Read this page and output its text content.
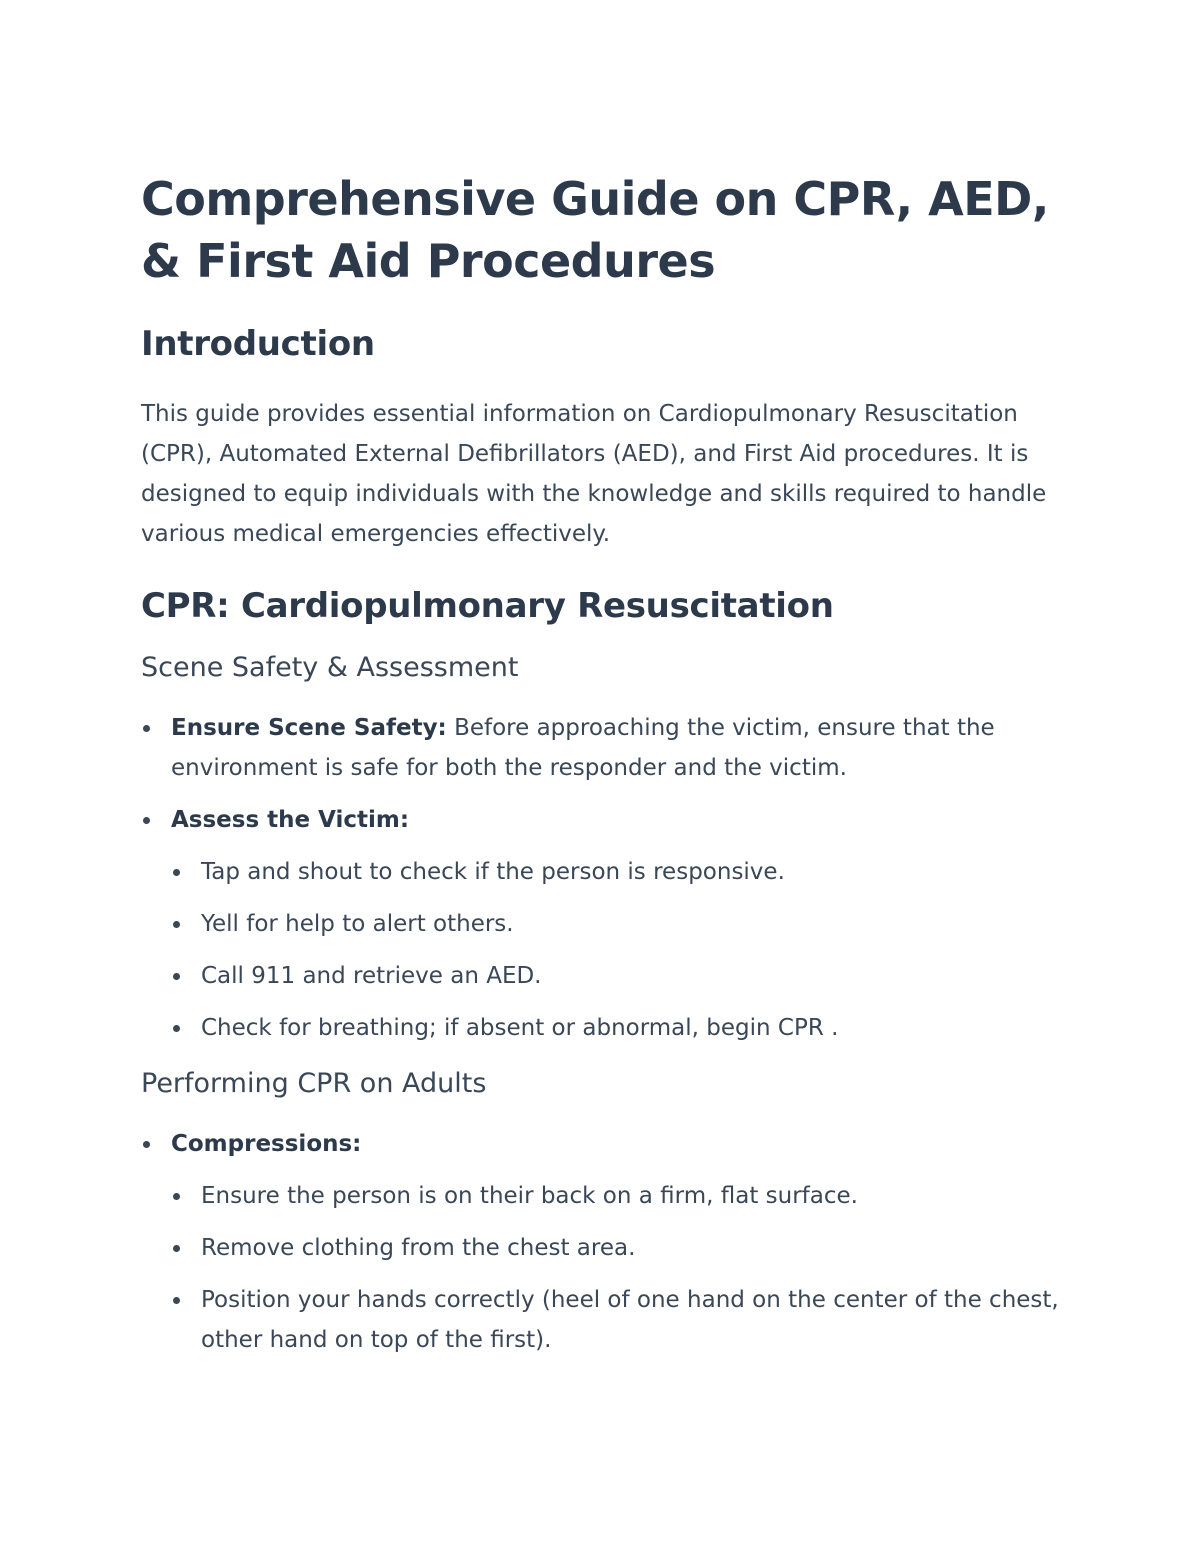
Comprehensive Guide on CPR, AED, & First Aid Procedures
Introduction

This guide provides essential information on Cardiopulmonary Resuscitation (CPR), Automated External Defibrillators (AED), and First Aid procedures. It is designed to equip individuals with the knowledge and skills required to handle various medical emergencies effectively.

CPR: Cardiopulmonary Resuscitation
Scene Safety & Assessment
Ensure Scene Safety: Before approaching the victim, ensure that the environment is safe for both the responder and the victim.
Assess the Victim:
Tap and shout to check if the person is responsive.
Yell for help to alert others.
Call 911 and retrieve an AED.
Check for breathing; if absent or abnormal, begin CPR .
Performing CPR on Adults
Compressions:
Ensure the person is on their back on a firm, flat surface.
Remove clothing from the chest area.
Position your hands correctly (heel of one hand on the center of the chest, other hand on top of the first).
